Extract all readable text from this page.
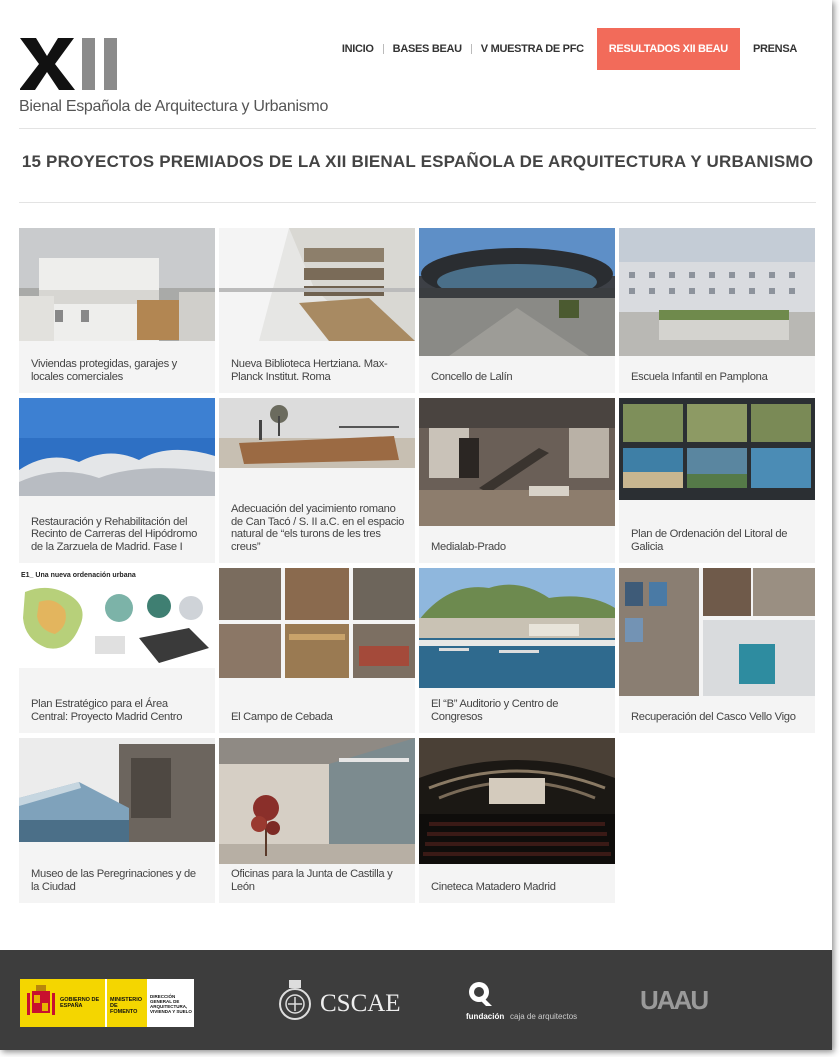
Bienal Española de Arquitectura y Urbanismo
INICIO	BASES BEAU	V MUESTRA DE PFC	RESULTADOS XII BEAU	PRENSA
15 PROYECTOS PREMIADOS DE LA XII BIENAL ESPAÑOLA DE ARQUITECTURA Y URBANISMO
Viviendas protegidas, garajes y locales comerciales
Nueva Biblioteca Hertziana. Max-Planck Institut. Roma	Concello de Lalín	Escuela Infantil en Pamplona
Restauración y Rehabilitación del Recinto de Carreras del Hipódromo de la Zarzuela de Madrid. Fase I
Adecuación del yacimiento romano de Can Tacó / S. II a.C. en el espacio natural de “els turons de les tres creus”	Medialab-Prado
Plan de Ordenación del Litoral de Galicia
E1_ Una nueva ordenación urbana
Plan Estratégico para el Área Central: Proyecto Madrid Centro	El Campo de Cebada
El “B” Auditorio y Centro de Congresos	Recuperación del Casco Vello Vigo
Museo de las Peregrinaciones y de la Ciudad
Oficinas para la Junta de Castilla y León	Cineteca Matadero Madrid
GOBIERNO DE ESPAÑA
MINISTERIO DE FOMENTO
DIRECCIÓN GENERAL DE ARQUITECTURA, VIVIENDA Y SUELO	CSCAE	fundación caja de arquitectos
UAAU
